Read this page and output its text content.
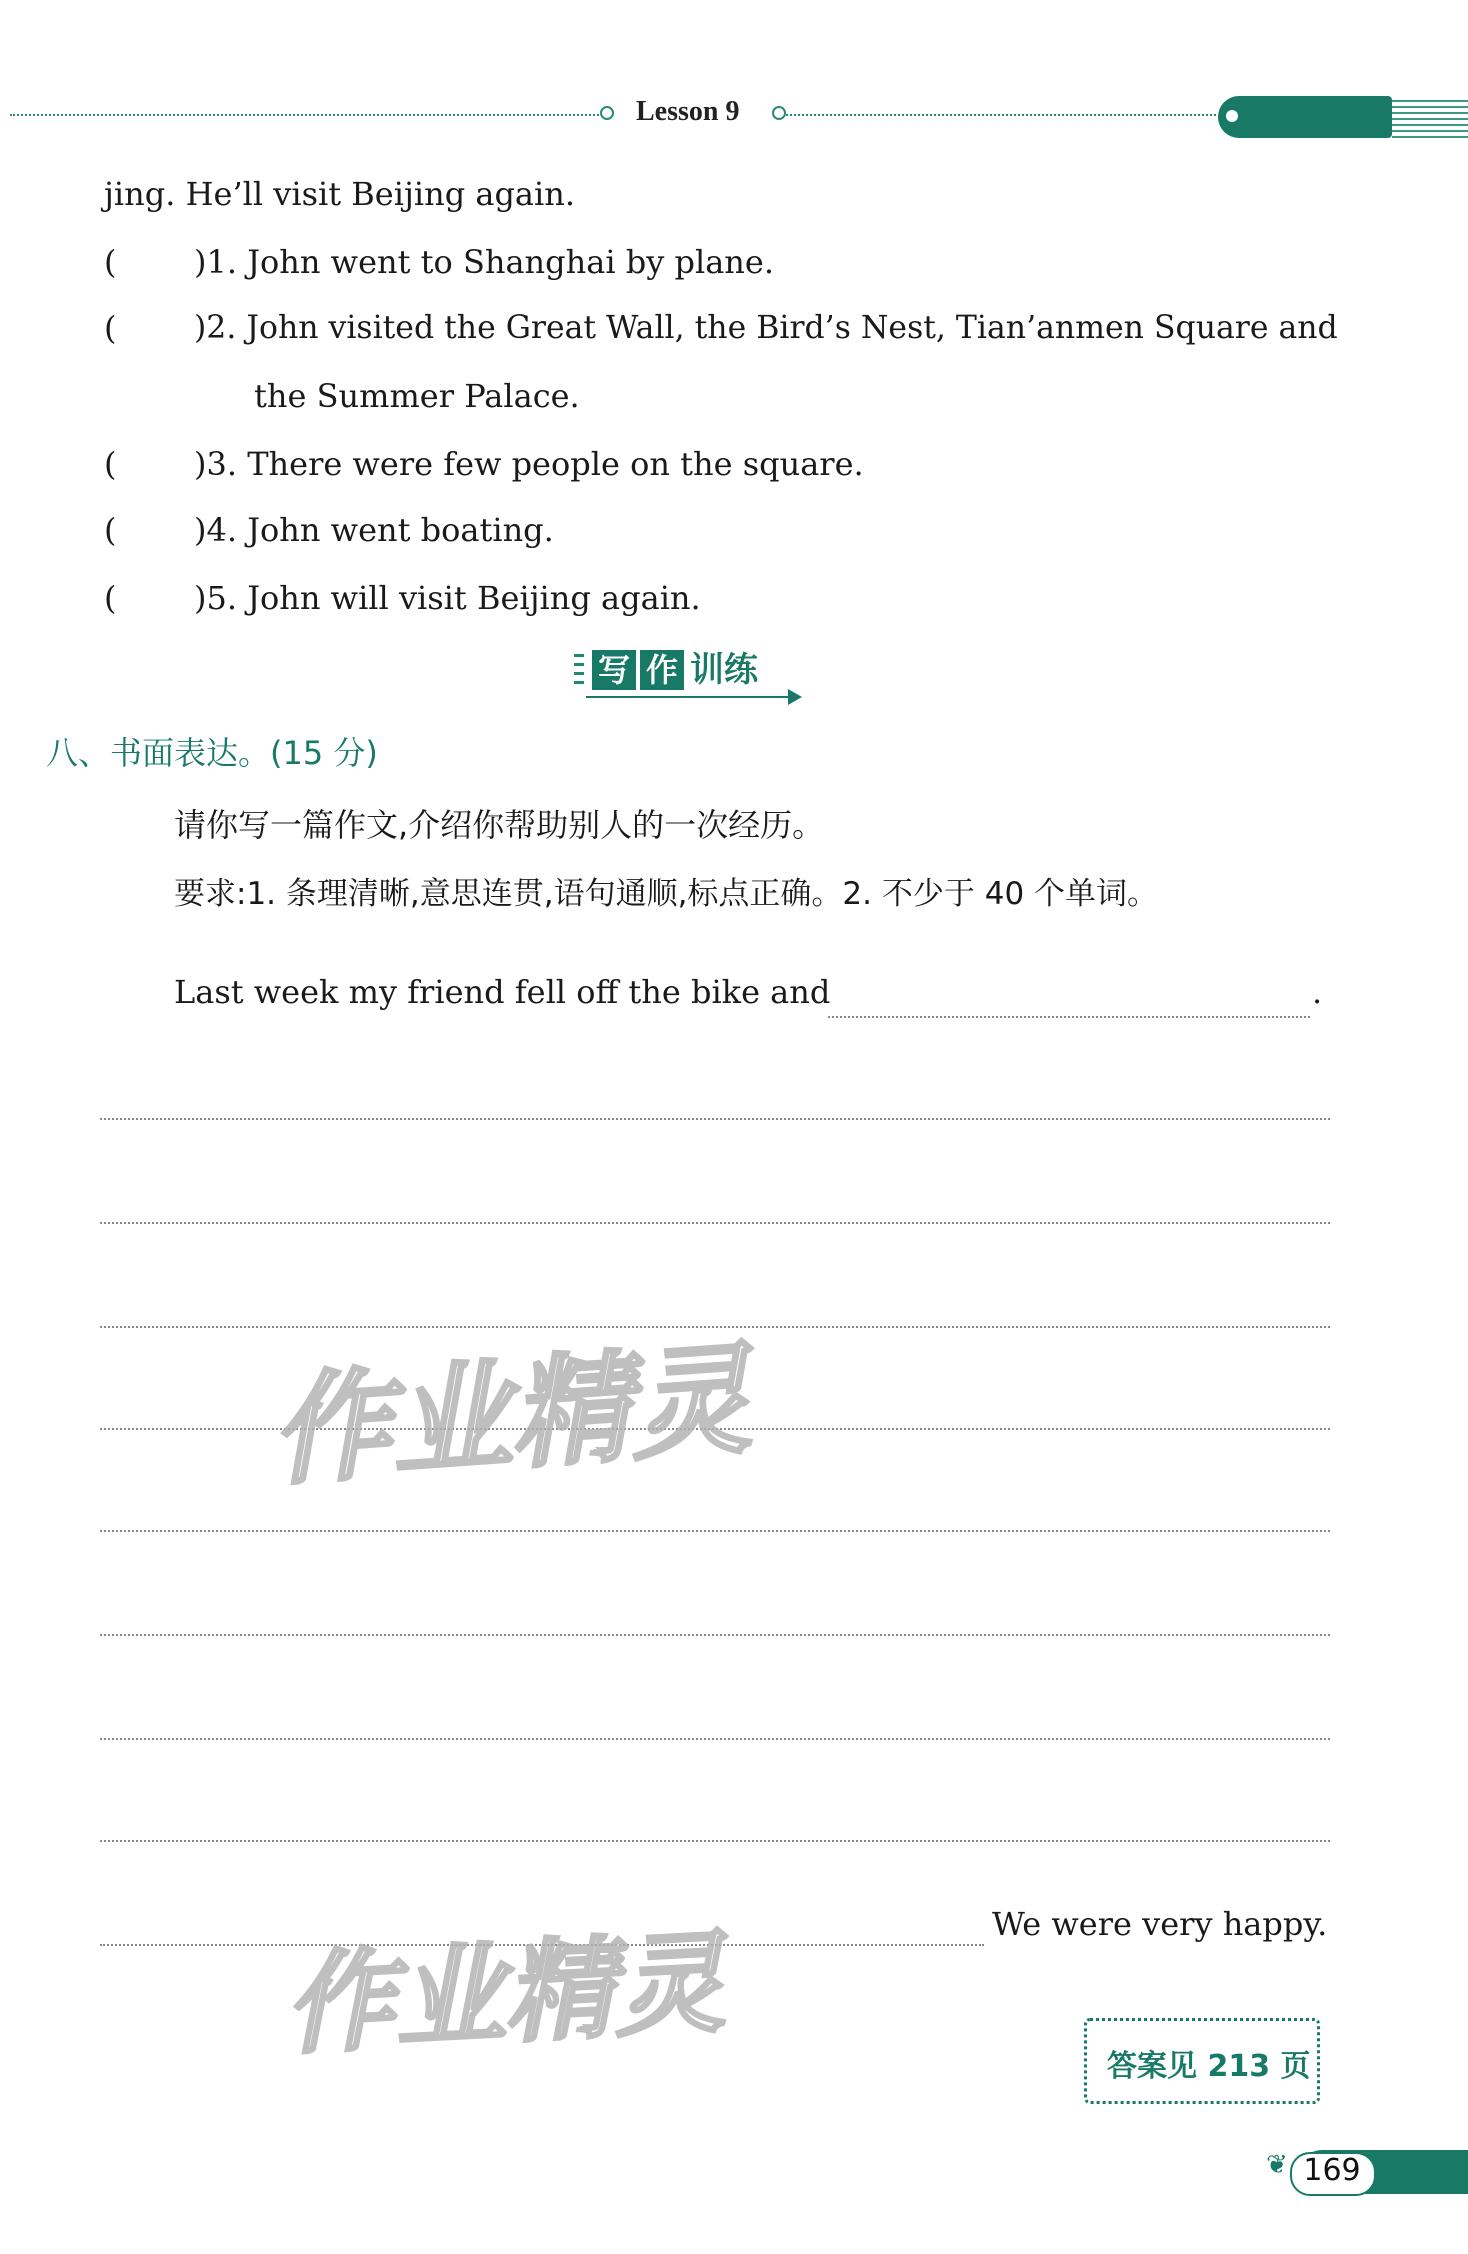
Lesson 9
jing. He’ll visit Beijing again.
( )1. John went to Shanghai by plane.
( )2. John visited the Great Wall, the Bird’s Nest, Tian’anmen Square and
the Summer Palace.
( )3. There were few people on the square.
( )4. John went boating.
( )5. John will visit Beijing again.
写 作 训练
八、书面表达。(15 分)
请你写一篇作文,介绍你帮助别人的一次经历。
要求:1. 条理清晰,意思连贯,语句通顺,标点正确。2. 不少于 40 个单词。
Last week my friend fell off the bike and	.
We were very happy.
作业精灵
作业精灵	答案见 213 页
❦ 169
